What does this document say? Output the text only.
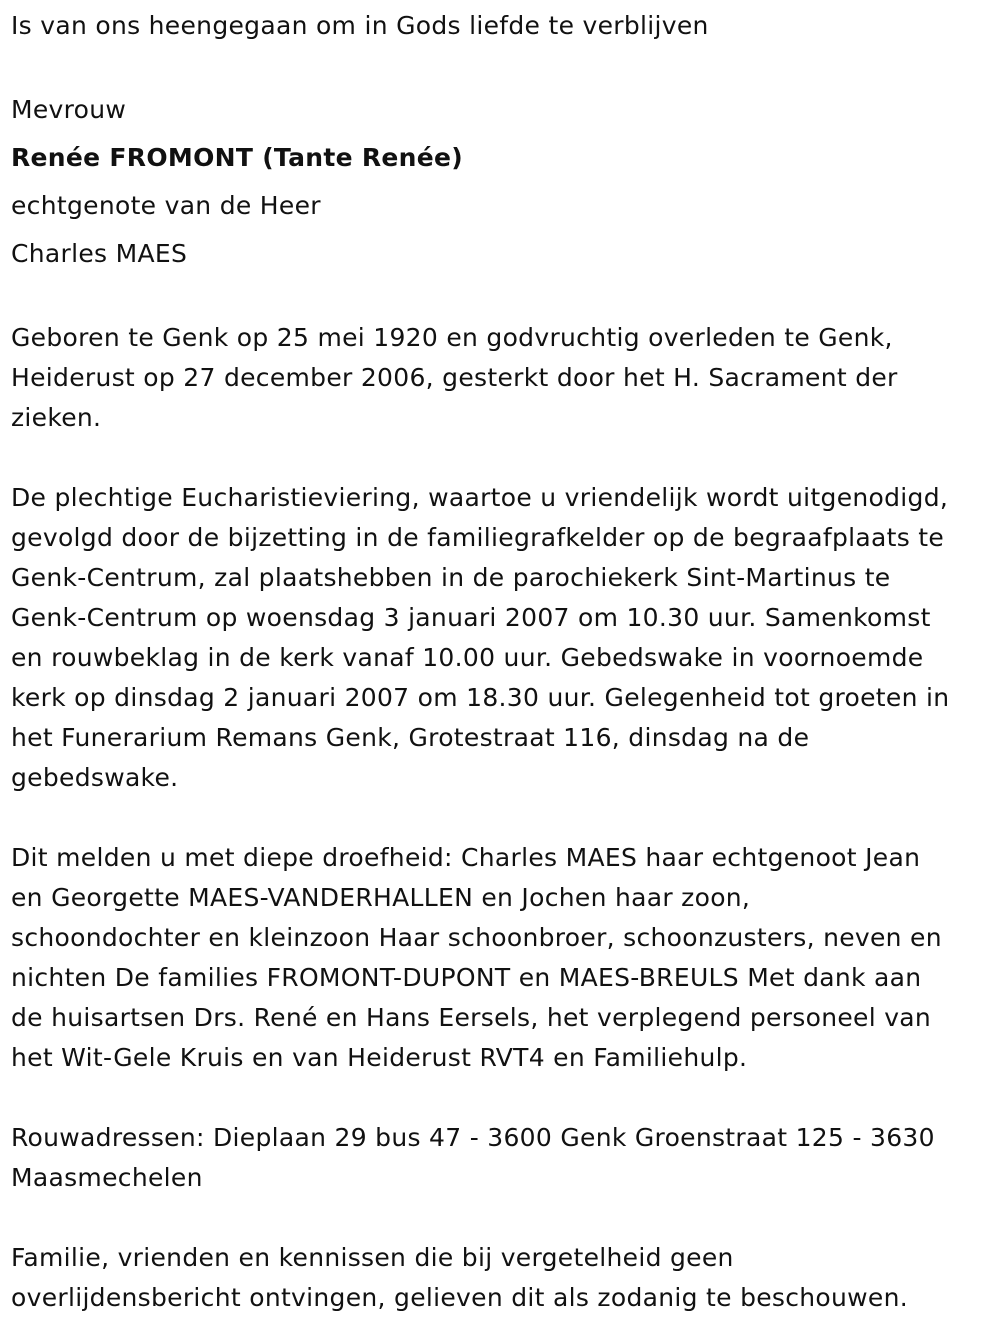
Is van ons heengegaan om in Gods liefde te verblijven

Mevrouw

Renée FROMONT (Tante Renée)

echtgenote van de Heer

Charles MAES

Geboren te Genk op 25 mei 1920 en godvruchtig overleden te Genk,
Heiderust op 27 december 2006, gesterkt door het H. Sacrament der
zieken.

De plechtige Eucharistieviering, waartoe u vriendelijk wordt uitgenodigd,
gevolgd door de bijzetting in de familiegrafkelder op de begraafplaats te
Genk-Centrum, zal plaatshebben in de parochiekerk Sint-Martinus te
Genk-Centrum op woensdag 3 januari 2007 om 10.30 uur. Samenkomst
en rouwbeklag in de kerk vanaf 10.00 uur. Gebedswake in voornoemde
kerk op dinsdag 2 januari 2007 om 18.30 uur. Gelegenheid tot groeten in
het Funerarium Remans Genk, Grotestraat 116, dinsdag na de
gebedswake.

Dit melden u met diepe droefheid: Charles MAES haar echtgenoot Jean
en Georgette MAES-VANDERHALLEN en Jochen haar zoon,
schoondochter en kleinzoon Haar schoonbroer, schoonzusters, neven en
nichten De families FROMONT-DUPONT en MAES-BREULS Met dank aan
de huisartsen Drs. René en Hans Eersels, het verplegend personeel van
het Wit-Gele Kruis en van Heiderust RVT4 en Familiehulp.

Rouwadressen: Dieplaan 29 bus 47 - 3600 Genk Groenstraat 125 - 3630
Maasmechelen

Familie, vrienden en kennissen die bij vergetelheid geen
overlijdensbericht ontvingen, gelieven dit als zodanig te beschouwen.
